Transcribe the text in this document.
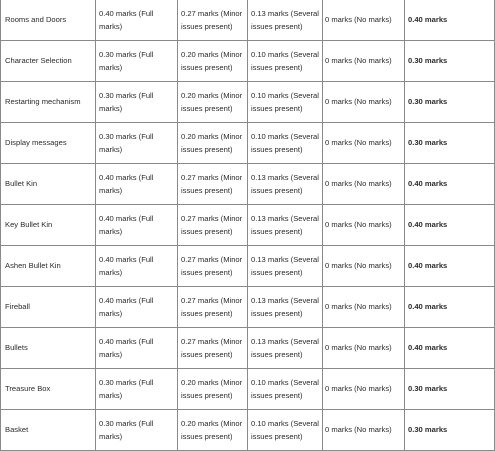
Rooms and Doors	0.40 marks (Full marks)	0.27 marks (Minor issues present)	0.13 marks (Several issues present)	0 marks (No marks)	0.40 marks
Character Selection	0.30 marks (Full marks)	0.20 marks (Minor issues present)	0.10 marks (Several issues present)	0 marks (No marks)	0.30 marks
Restarting mechanism	0.30 marks (Full marks)	0.20 marks (Minor issues present)	0.10 marks (Several issues present)	0 marks (No marks)	0.30 marks
Display messages	0.30 marks (Full marks)	0.20 marks (Minor issues present)	0.10 marks (Several issues present)	0 marks (No marks)	0.30 marks
Bullet Kin	0.40 marks (Full marks)	0.27 marks (Minor issues present)	0.13 marks (Several issues present)	0 marks (No marks)	0.40 marks
Key Bullet Kin	0.40 marks (Full marks)	0.27 marks (Minor issues present)	0.13 marks (Several issues present)	0 marks (No marks)	0.40 marks
Ashen Bullet Kin	0.40 marks (Full marks)	0.27 marks (Minor issues present)	0.13 marks (Several issues present)	0 marks (No marks)	0.40 marks
Fireball	0.40 marks (Full marks)	0.27 marks (Minor issues present)	0.13 marks (Several issues present)	0 marks (No marks)	0.40 marks
Bullets	0.40 marks (Full marks)	0.27 marks (Minor issues present)	0.13 marks (Several issues present)	0 marks (No marks)	0.40 marks
Treasure Box	0.30 marks (Full marks)	0.20 marks (Minor issues present)	0.10 marks (Several issues present)	0 marks (No marks)	0.30 marks
Basket	0.30 marks (Full marks)	0.20 marks (Minor issues present)	0.10 marks (Several issues present)	0 marks (No marks)	0.30 marks
